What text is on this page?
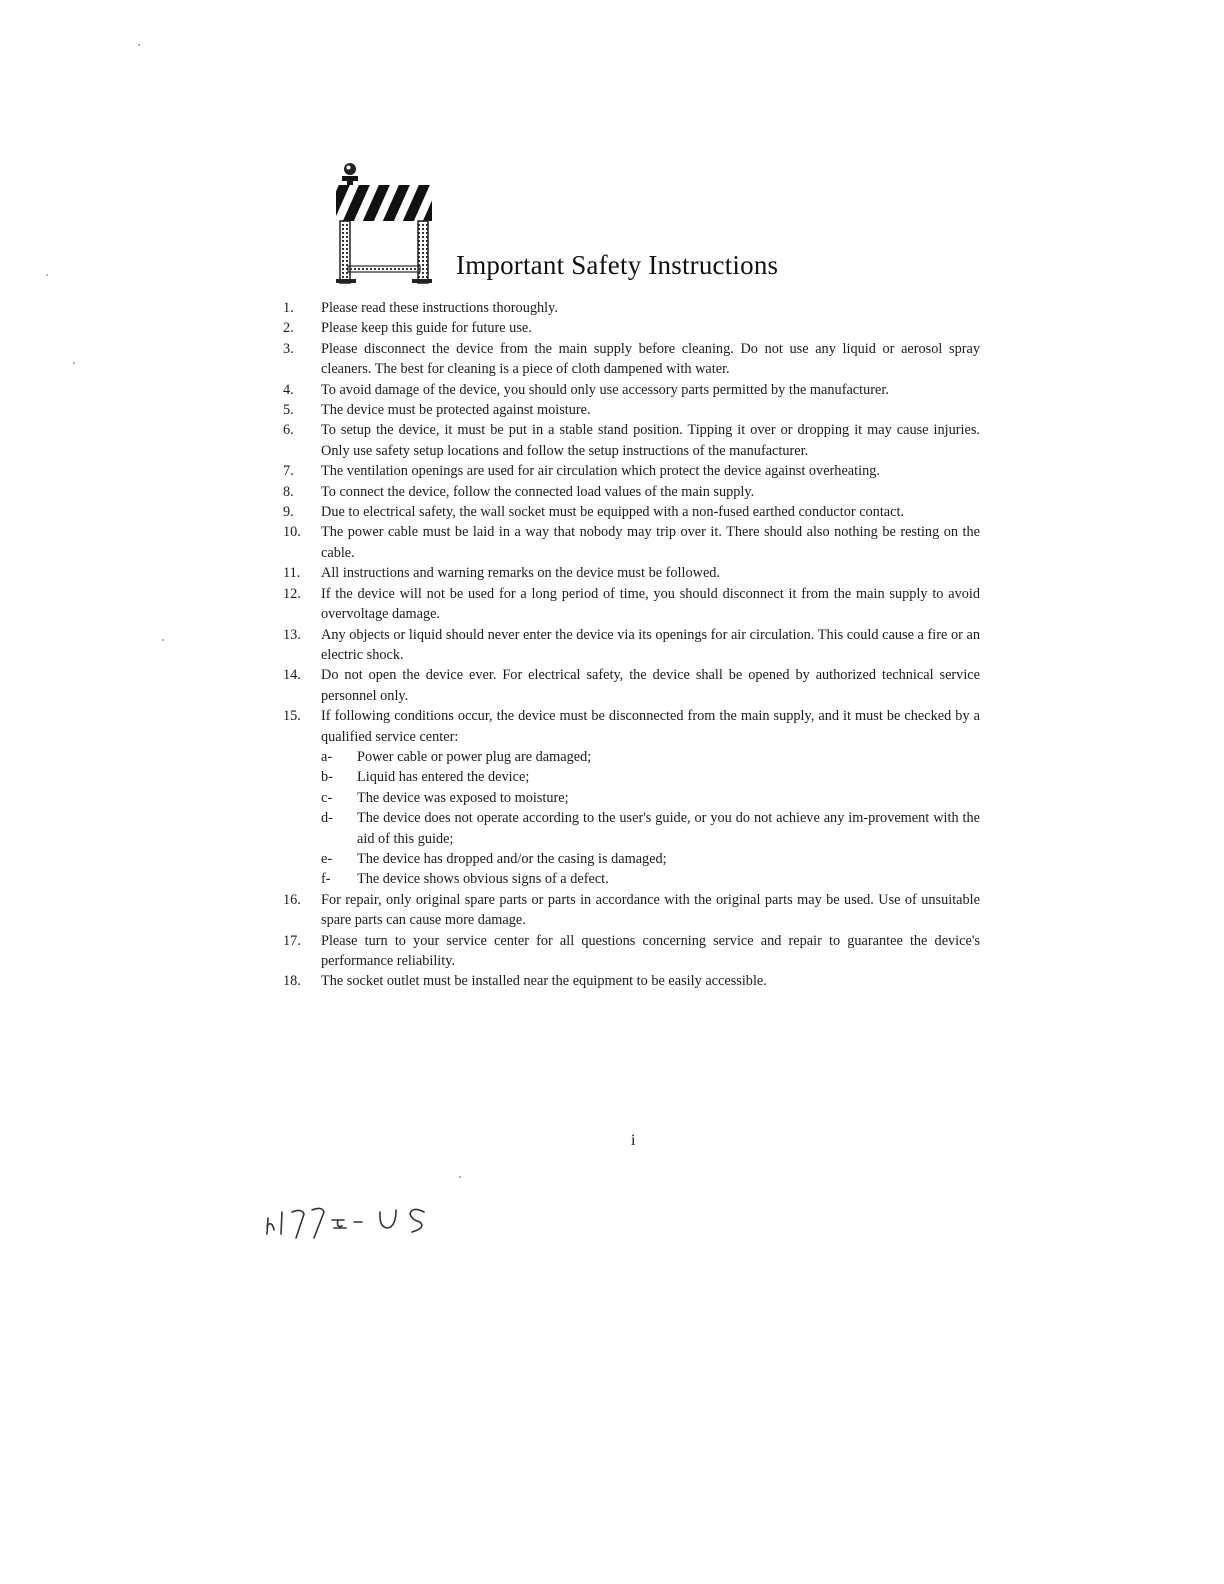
Important Safety Instructions
1. Please read these instructions thoroughly.
2. Please keep this guide for future use.
3. Please disconnect the device from the main supply before cleaning. Do not use any liquid or aerosol spray cleaners. The best for cleaning is a piece of cloth dampened with water.
4. To avoid damage of the device, you should only use accessory parts permitted by the manufacturer.
5. The device must be protected against moisture.
6. To setup the device, it must be put in a stable stand position. Tipping it over or dropping it may cause injuries. Only use safety setup locations and follow the setup instructions of the manufacturer.
7. The ventilation openings are used for air circulation which protect the device against overheating.
8. To connect the device, follow the connected load values of the main supply.
9. Due to electrical safety, the wall socket must be equipped with a non-fused earthed conductor contact.
10. The power cable must be laid in a way that nobody may trip over it. There should also nothing be resting on the cable.
11. All instructions and warning remarks on the device must be followed.
12. If the device will not be used for a long period of time, you should disconnect it from the main supply to avoid overvoltage damage.
13. Any objects or liquid should never enter the device via its openings for air circulation. This could cause a fire or an electric shock.
14. Do not open the device ever. For electrical safety, the device shall be opened by authorized technical service personnel only.
15. If following conditions occur, the device must be disconnected from the main supply, and it must be checked by a qualified service center:
a- Power cable or power plug are damaged;
b- Liquid has entered the device;
c- The device was exposed to moisture;
d- The device does not operate according to the user's guide, or you do not achieve any im-provement with the aid of this guide;
e- The device has dropped and/or the casing is damaged;
f- The device shows obvious signs of a defect.
16. For repair, only original spare parts or parts in accordance with the original parts may be used. Use of unsuitable spare parts can cause more damage.
17. Please turn to your service center for all questions concerning service and repair to guarantee the device's performance reliability.
18. The socket outlet must be installed near the equipment to be easily accessible.
i
